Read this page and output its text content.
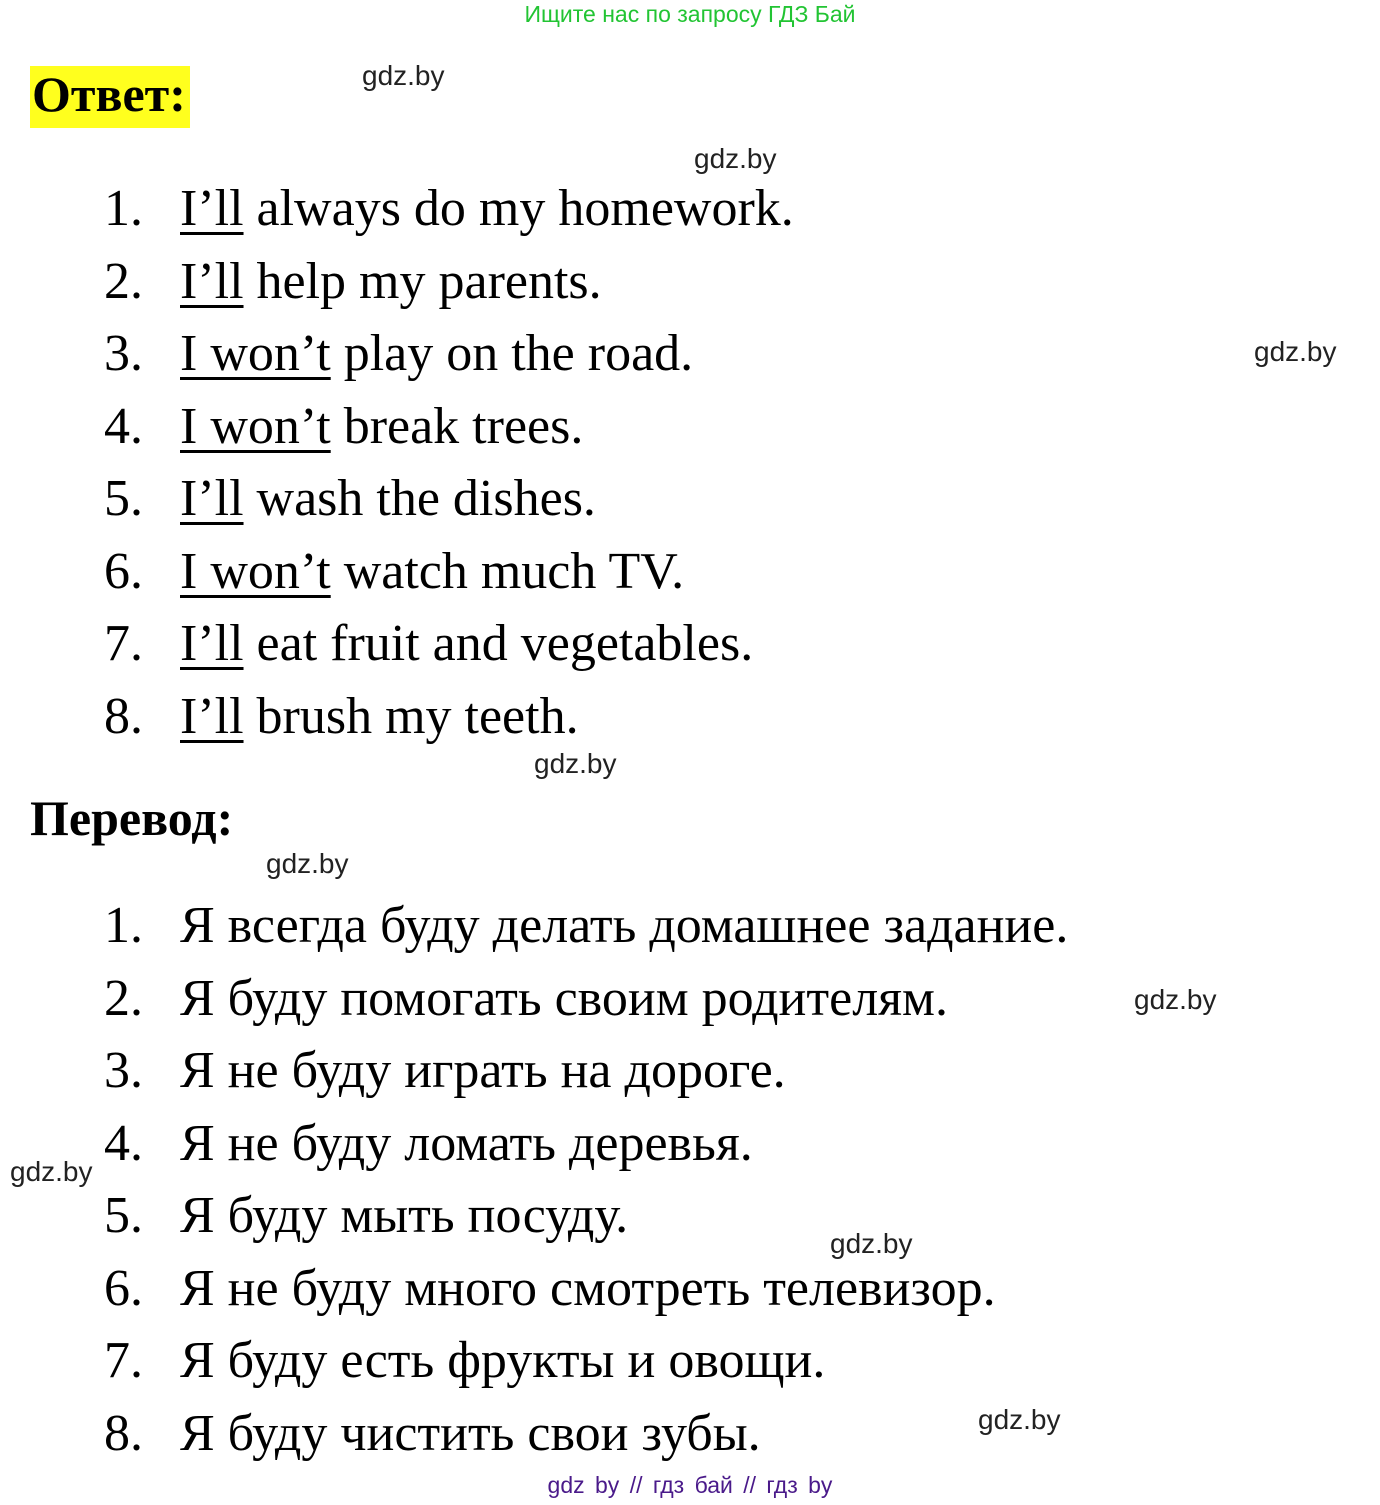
Ищите нас по запросу ГДЗ Бай
Ответ:
1. I’ll always do my homework.
2. I’ll help my parents.
3. I won’t play on the road.
4. I won’t break trees.
5. I’ll wash the dishes.
6. I won’t watch much TV.
7. I’ll eat fruit and vegetables.
8. I’ll brush my teeth.
Перевод:
1. Я всегда буду делать домашнее задание.
2. Я буду помогать своим родителям.
3. Я не буду играть на дороге.
4. Я не буду ломать деревья.
5. Я буду мыть посуду.
6. Я не буду много смотреть телевизор.
7. Я буду есть фрукты и овощи.
8. Я буду чистить свои зубы.
gdz.by
gdz.by
gdz.by
gdz.by
gdz.by
gdz.by
gdz.by
gdz.by
gdz.by
gdz by // гдз бай // гдз by
